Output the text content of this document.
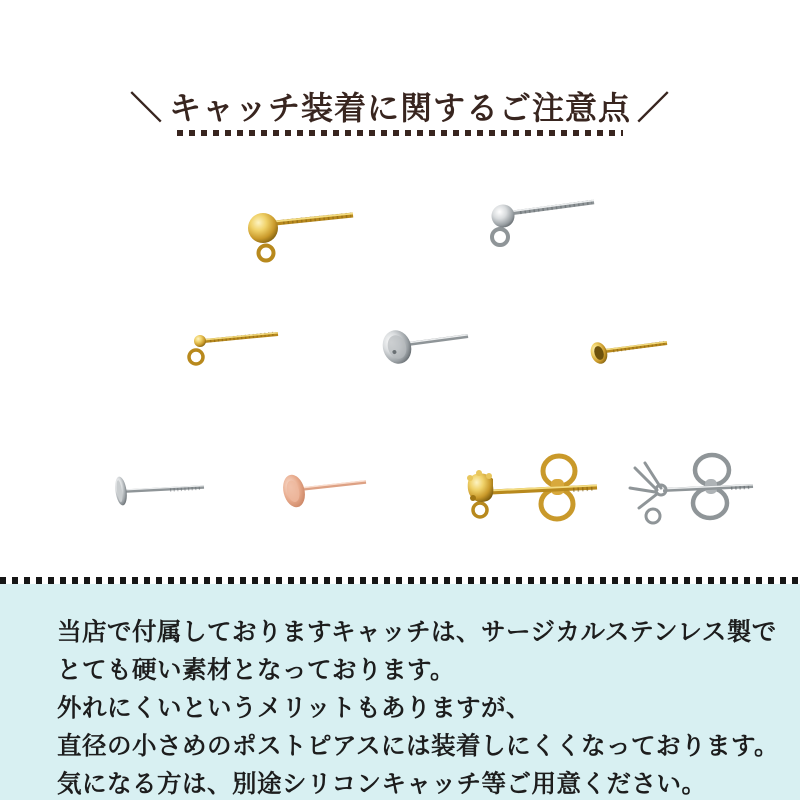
＼ キャッチ装着に関するご注意点 ／
当店で付属しておりますキャッチは、サージカルステンレス製で
とても硬い素材となっております。
外れにくいというメリットもありますが、
直径の小さめのポストピアスには装着しにくくなっております。
気になる方は、別途シリコンキャッチ等ご用意ください。
